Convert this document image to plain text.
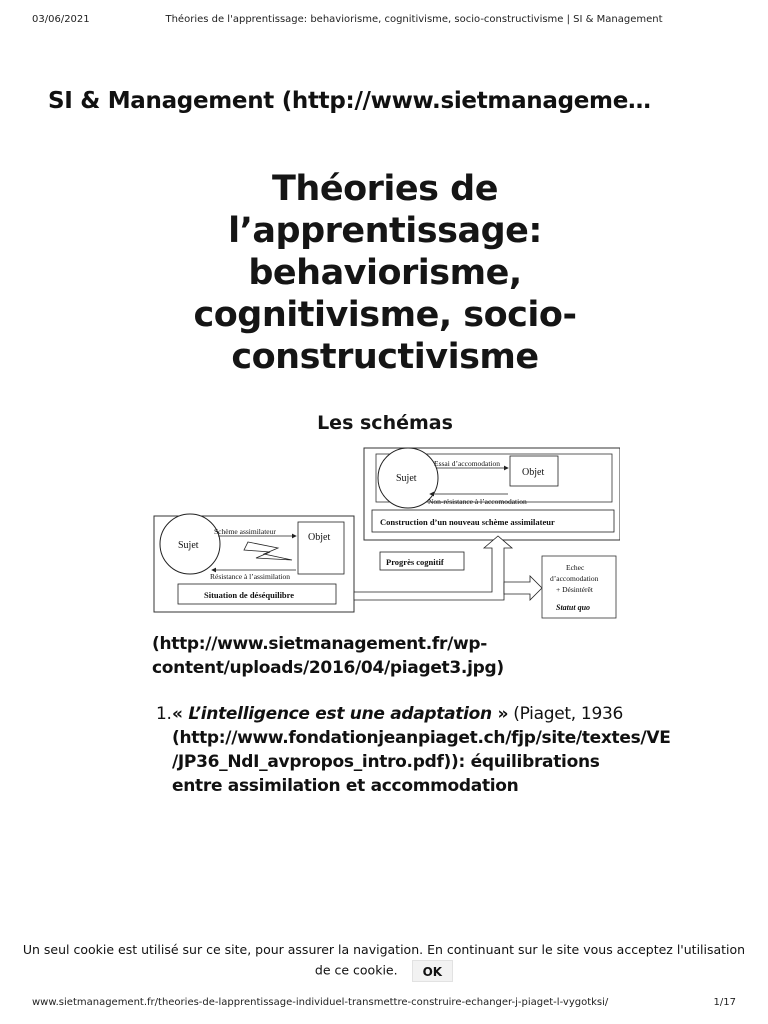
03/06/2021	Théories de l'apprentissage: behaviorisme, cognitivisme, socio-constructivisme | SI & Management
SI & Management (http://www.sietmanageme…
Théories de
l’apprentissage:
behaviorisme,
cognitivisme, socio-
constructivisme
Les schémas
Sujet
Objet
Essai d’accomodation
Non-résistance à l’accomodation
Construction d’un nouveau schème assimilateur
Sujet
Objet
Schème assimilateur
Résistance à l’assimilation
Situation de déséquilibre
Progrès cognitif
Echec
d’accomodation
+ Désintérêt
Statut quo
(http://www.sietmanagement.fr/wp-content/uploads/2016/04/piaget3.jpg)
1. « L’intelligence est une adaptation » (Piaget, 1936
(http://www.fondationjeanpiaget.ch/fjp/site/textes/VE
/JP36_NdI_avpropos_intro.pdf)): équilibrations entre assimilation et accommodation
Un seul cookie est utilisé sur ce site, pour assurer la navigation. En continuant sur le site vous acceptez l'utilisation
de ce cookie. OK
www.sietmanagement.fr/theories-de-lapprentissage-individuel-transmettre-construire-echanger-j-piaget-l-vygotksi/	1/17
